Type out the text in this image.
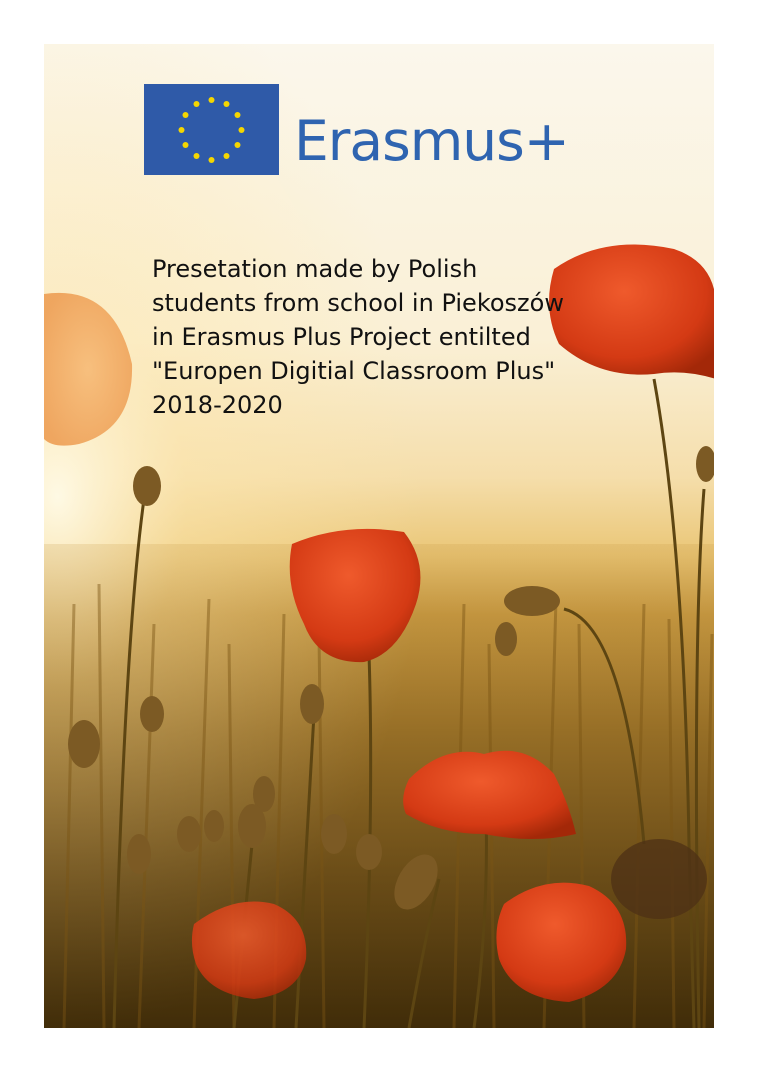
Erasmus+

Presetation made by Polish students from school in Piekoszów in Erasmus Plus Project entilted "Europen Digitial Classroom Plus" 2018-2020
